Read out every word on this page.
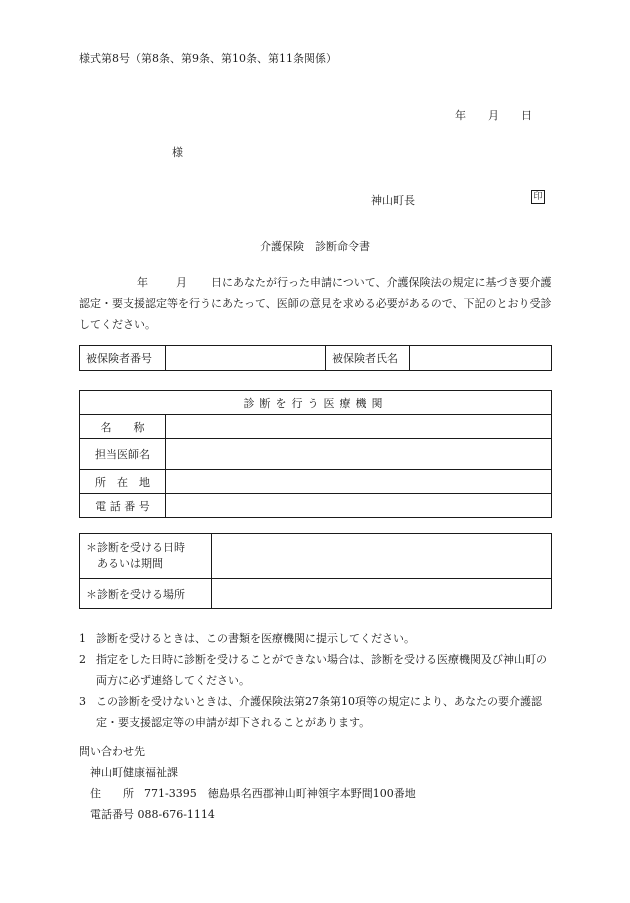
様式第8号（第8条、第9条、第10条、第11条関係）
年 月 日
様
神山町長	印
介護保険　診断命令書

年	月 日にあなたが行った申請について、介護保険法の規定に基づき要介護認定・要支援認定等を行うにあたって、医師の意見を求める必要があるので、下記のとおり受診してください。

被保険者番号		被保険者氏名	
診断を行う医療機関	
名　　称	
担当医師名	
所　在　地	
電 話 番 号	
＊診断を受ける日時
あるいは期間	

＊診断を受ける場所	
1 診断を受けるときは、この書類を医療機関に提示してください。
2 指定をした日時に診断を受けることができない場合は、診断を受ける医療機関及び神山町の両方に必ず連絡してください。
3 この診断を受けないときは、介護保険法第27条第10項等の規定により、あなたの要介護認定・要支援認定等の申請が却下されることがあります。
問い合わせ先
神山町健康福祉課
住　　所 771-3395　徳島県名西郡神山町神領字本野間100番地
電話番号 088-676-1114
